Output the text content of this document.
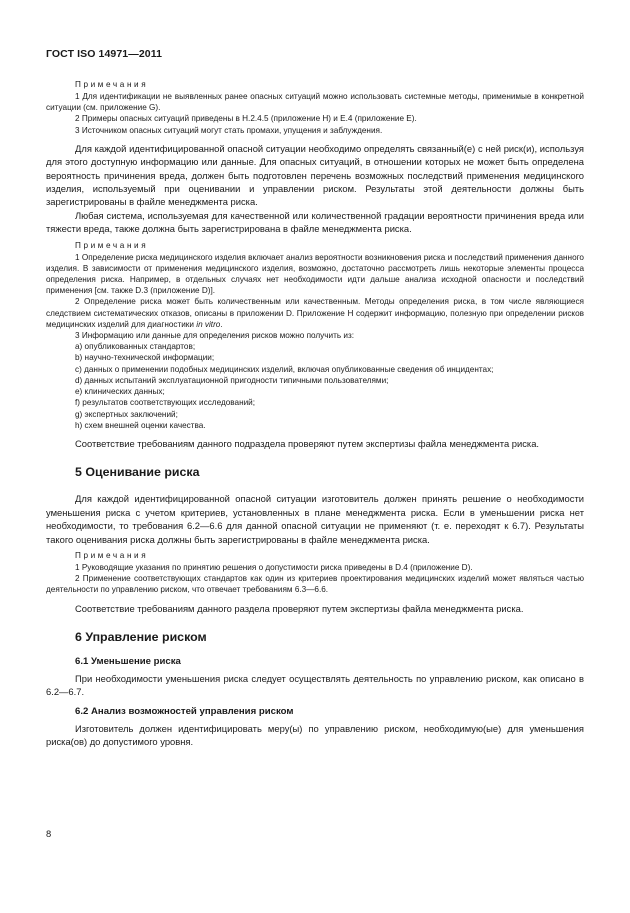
ГОСТ ISO 14971—2011
Примечания

1 Для идентификации не выявленных ранее опасных ситуаций можно использовать системные методы, применимые в конкретной ситуации (см. приложение G).

2 Примеры опасных ситуаций приведены в Н.2.4.5 (приложение Н) и Е.4 (приложение Е).

3 Источником опасных ситуаций могут стать промахи, упущения и заблуждения.

Для каждой идентифицированной опасной ситуации необходимо определять связанный(е) с ней риск(и), используя для этого доступную информацию или данные. Для опасных ситуаций, в отношении которых не может быть определена вероятность причинения вреда, должен быть подготовлен перечень возможных последствий применения медицинского изделия, используемый при оценивании и управлении риском. Результаты этой деятельности должны быть зарегистрированы в файле менеджмента риска.

Любая система, используемая для качественной или количественной градации вероятности причинения вреда или тяжести вреда, также должна быть зарегистрирована в файле менеджмента риска.

Примечания

1 Определение риска медицинского изделия включает анализ вероятности возникновения риска и последствий применения данного изделия. В зависимости от применения медицинского изделия, возможно, достаточно рассмотреть лишь некоторые элементы процесса определения риска. Например, в отдельных случаях нет необходимости идти дальше анализа исходной опасности и последствий применения [см. также D.3 (приложение D)].

2 Определение риска может быть количественным или качественным. Методы определения риска, в том числе являющиеся следствием систематических отказов, описаны в приложении D. Приложение Н содержит информацию, полезную при определении рисков медицинских изделий для диагностики in vitro.

3 Информацию или данные для определения рисков можно получить из:

a) опубликованных стандартов;

b) научно-технической информации;

c) данных о применении подобных медицинских изделий, включая опубликованные сведения об инцидентах;

d) данных испытаний эксплуатационной пригодности типичными пользователями;

e) клинических данных;

f) результатов соответствующих исследований;

g) экспертных заключений;

h) схем внешней оценки качества.

Соответствие требованиям данного подраздела проверяют путем экспертизы файла менеджмента риска.

5 Оценивание риска

Для каждой идентифицированной опасной ситуации изготовитель должен принять решение о необходимости уменьшения риска с учетом критериев, установленных в плане менеджмента риска. Если в уменьшении риска нет необходимости, то требования 6.2—6.6 для данной опасной ситуации не применяют (т. е. переходят к 6.7). Результаты такого оценивания риска должны быть зарегистрированы в файле менеджмента риска.

Примечания

1 Руководящие указания по принятию решения о допустимости риска приведены в D.4 (приложение D).

2 Применение соответствующих стандартов как один из критериев проектирования медицинских изделий может являться частью деятельности по управлению риском, что отвечает требованиям 6.3—6.6.

Соответствие требованиям данного раздела проверяют путем экспертизы файла менеджмента риска.

6 Управление риском
6.1 Уменьшение риска

При необходимости уменьшения риска следует осуществлять деятельность по управлению риском, как описано в 6.2—6.7.

6.2 Анализ возможностей управления риском

Изготовитель должен идентифицировать меру(ы) по управлению риском, необходимую(ые) для уменьшения риска(ов) до допустимого уровня.

8
